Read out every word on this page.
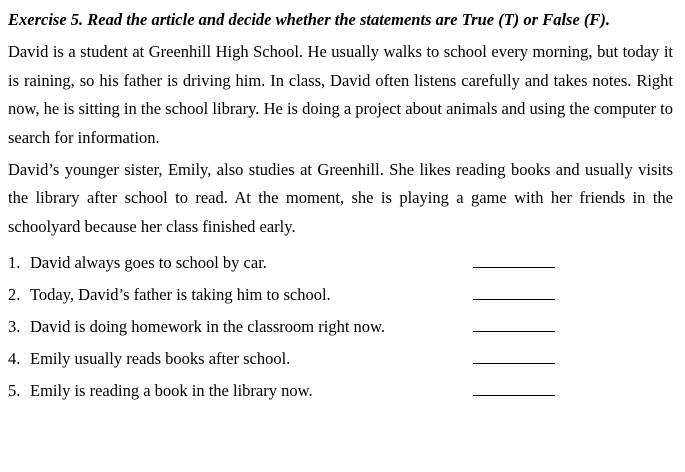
Exercise 5. Read the article and decide whether the statements are True (T) or False (F).
David is a student at Greenhill High School. He usually walks to school every morning, but today it is raining, so his father is driving him. In class, David often listens carefully and takes notes. Right now, he is sitting in the school library. He is doing a project about animals and using the computer to search for information.
David’s younger sister, Emily, also studies at Greenhill. She likes reading books and usually visits the library after school to read. At the moment, she is playing a game with her friends in the schoolyard because her class finished early.
1. David always goes to school by car.
2. Today, David’s father is taking him to school.
3. David is doing homework in the classroom right now.
4. Emily usually reads books after school.
5. Emily is reading a book in the library now.
